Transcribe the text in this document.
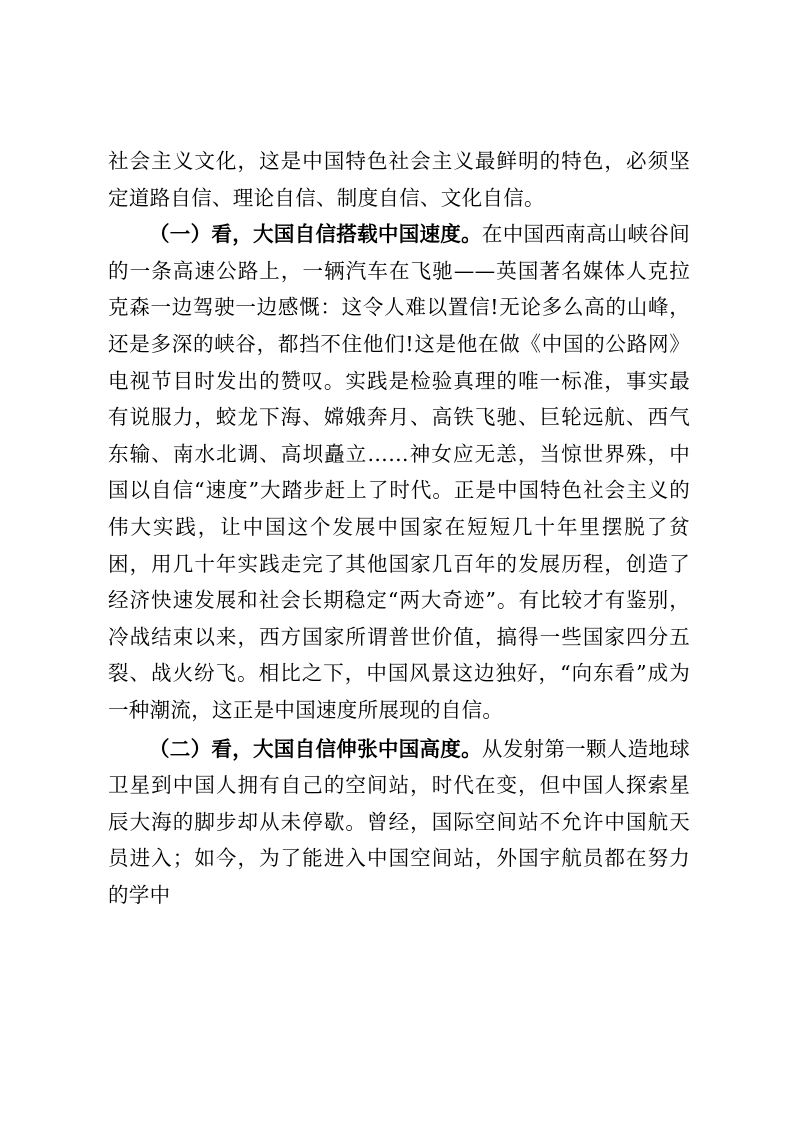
社会主义文化，这是中国特色社会主义最鲜明的特色，必须坚定道路自信、理论自信、制度自信、文化自信。

（一）看，大国自信搭载中国速度。在中国西南高山峡谷间的一条高速公路上，一辆汽车在飞驰——英国著名媒体人克拉克森一边驾驶一边感慨：这令人难以置信!无论多么高的山峰，还是多深的峡谷，都挡不住他们!这是他在做《中国的公路网》电视节目时发出的赞叹。实践是检验真理的唯一标准，事实最有说服力，蛟龙下海、嫦娥奔月、高铁飞驰、巨轮远航、西气东输、南水北调、高坝矗立……神女应无恙，当惊世界殊，中国以自信“速度”大踏步赶上了时代。正是中国特色社会主义的伟大实践，让中国这个发展中国家在短短几十年里摆脱了贫困，用几十年实践走完了其他国家几百年的发展历程，创造了经济快速发展和社会长期稳定“两大奇迹”。有比较才有鉴别，冷战结束以来，西方国家所谓普世价值，搞得一些国家四分五裂、战火纷飞。相比之下，中国风景这边独好，“向东看”成为一种潮流，这正是中国速度所展现的自信。

（二）看，大国自信伸张中国高度。从发射第一颗人造地球卫星到中国人拥有自己的空间站，时代在变，但中国人探索星辰大海的脚步却从未停歇。曾经，国际空间站不允许中国航天员进入；如今，为了能进入中国空间站，外国宇航员都在努力的学中
